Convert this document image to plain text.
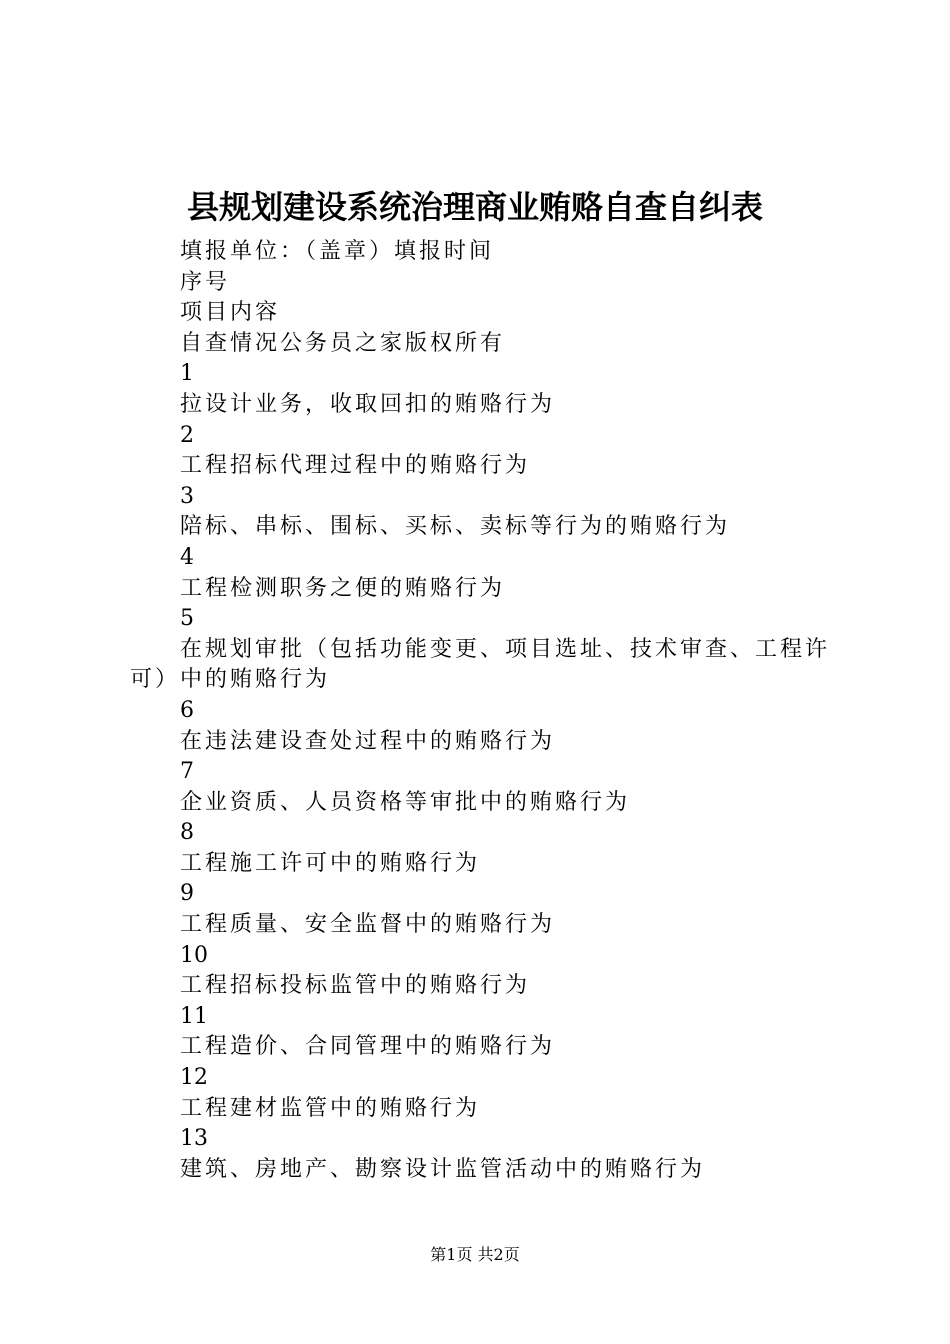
县规划建设系统治理商业贿赂自查自纠表

填报单位：（盖章）填报时间

序号

项目内容

自查情况公务员之家版权所有

1

拉设计业务，收取回扣的贿赂行为

2

工程招标代理过程中的贿赂行为

3

陪标、串标、围标、买标、卖标等行为的贿赂行为

4

工程检测职务之便的贿赂行为

5

在规划审批（包括功能变更、项目选址、技术审查、工程许可）中的贿赂行为

6

在违法建设查处过程中的贿赂行为

7

企业资质、人员资格等审批中的贿赂行为

8

工程施工许可中的贿赂行为

9

工程质量、安全监督中的贿赂行为

10

工程招标投标监管中的贿赂行为

11

工程造价、合同管理中的贿赂行为

12

工程建材监管中的贿赂行为

13

建筑、房地产、勘察设计监管活动中的贿赂行为

第1页 共2页
